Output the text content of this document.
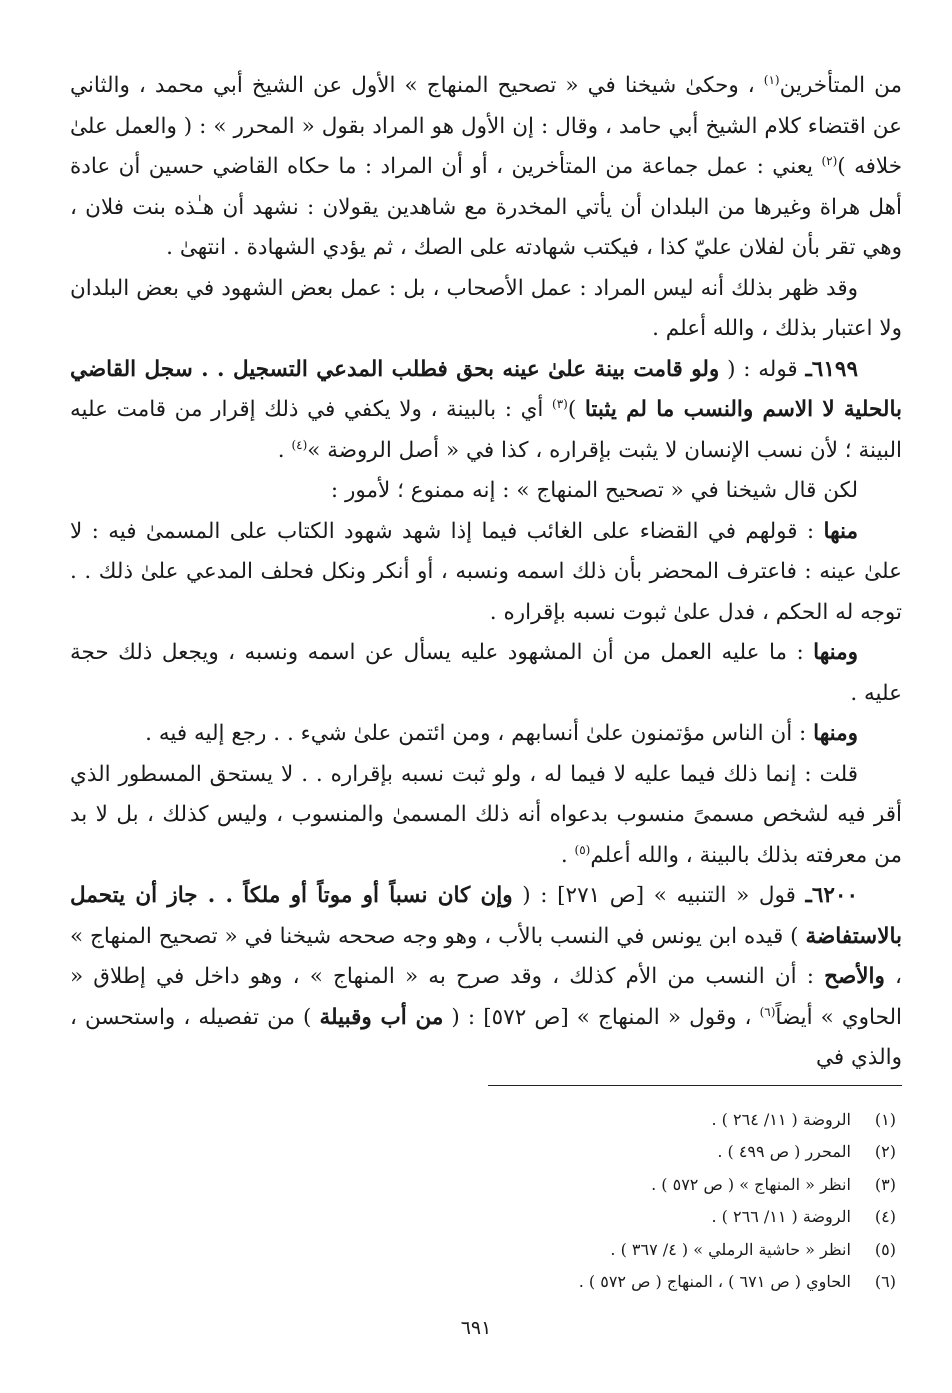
من المتأخرين$^{(١)}$ ، وحكىٰ شيخنا في « تصحيح المنهاج » الأول عن الشيخ أبي محمد ، والثاني عن اقتضاء كلام الشيخ أبي حامد ، وقال : إن الأول هو المراد بقول « المحرر » : ( والعمل علىٰ خلافه )$^{(٢)}$ يعني : عمل جماعة من المتأخرين ، أو أن المراد : ما حكاه القاضي حسين أن عادة أهل هراة وغيرها من البلدان أن يأتي المخدرة مع شاهدين يقولان : نشهد أن هـٰذه بنت فلان ، وهي تقر بأن لفلان عليّ كذا ، فيكتب شهادته على الصك ، ثم يؤدي الشهادة . انتهىٰ .

وقد ظهر بذلك أنه ليس المراد : عمل الأصحاب ، بل : عمل بعض الشهود في بعض البلدان ولا اعتبار بذلك ، والله أعلم .

٦١٩٩ـ قوله : ( ولو قامت بينة علىٰ عينه بحق فطلب المدعي التسجيل . . سجل القاضي بالحلية لا الاسم والنسب ما لم يثبتا )$^{(٣)}$ أي : بالبينة ، ولا يكفي في ذلك إقرار من قامت عليه البينة ؛ لأن نسب الإنسان لا يثبت بإقراره ، كذا في « أصل الروضة »$^{(٤)}$ .

لكن قال شيخنا في « تصحيح المنهاج » : إنه ممنوع ؛ لأمور :

منها : قولهم في القضاء على الغائب فيما إذا شهد شهود الكتاب على المسمىٰ فيه : لا علىٰ عينه : فاعترف المحضر بأن ذلك اسمه ونسبه ، أو أنكر ونكل فحلف المدعي علىٰ ذلك . . توجه له الحكم ، فدل علىٰ ثبوت نسبه بإقراره .

ومنها : ما عليه العمل من أن المشهود عليه يسأل عن اسمه ونسبه ، ويجعل ذلك حجة عليه .

ومنها : أن الناس مؤتمنون علىٰ أنسابهم ، ومن ائتمن علىٰ شيء . . رجع إليه فيه .

قلت : إنما ذلك فيما عليه لا فيما له ، ولو ثبت نسبه بإقراره . . لا يستحق المسطور الذي أقر فيه لشخص مسمىً منسوب بدعواه أنه ذلك المسمىٰ والمنسوب ، وليس كذلك ، بل لا بد من معرفته بذلك بالبينة ، والله أعلم$^{(٥)}$ .

٦٢٠٠ـ قول « التنبيه » [ص ٢٧١] : ( وإن كان نسباً أو موتاً أو ملكاً . . جاز أن يتحمل بالاستفاضة ) قيده ابن يونس في النسب بالأب ، وهو وجه صححه شيخنا في « تصحيح المنهاج » ، والأصح : أن النسب من الأم كذلك ، وقد صرح به « المنهاج » ، وهو داخل في إطلاق « الحاوي » أيضاً$^{(٦)}$ ، وقول « المنهاج » [ص ٥٧٢] : ( من أب وقبيلة ) من تفصيله ، واستحسن ، والذي في

(١) الروضة ( ١١/ ٢٦٤ ) .
(٢) المحرر ( ص ٤٩٩ ) .
(٣) انظر « المنهاج » ( ص ٥٧٢ ) .
(٤) الروضة ( ١١/ ٢٦٦ ) .
(٥) انظر « حاشية الرملي » ( ٤/ ٣٦٧ ) .
(٦) الحاوي ( ص ٦٧١ ) ، المنهاج ( ص ٥٧٢ ) .
٦٩١
